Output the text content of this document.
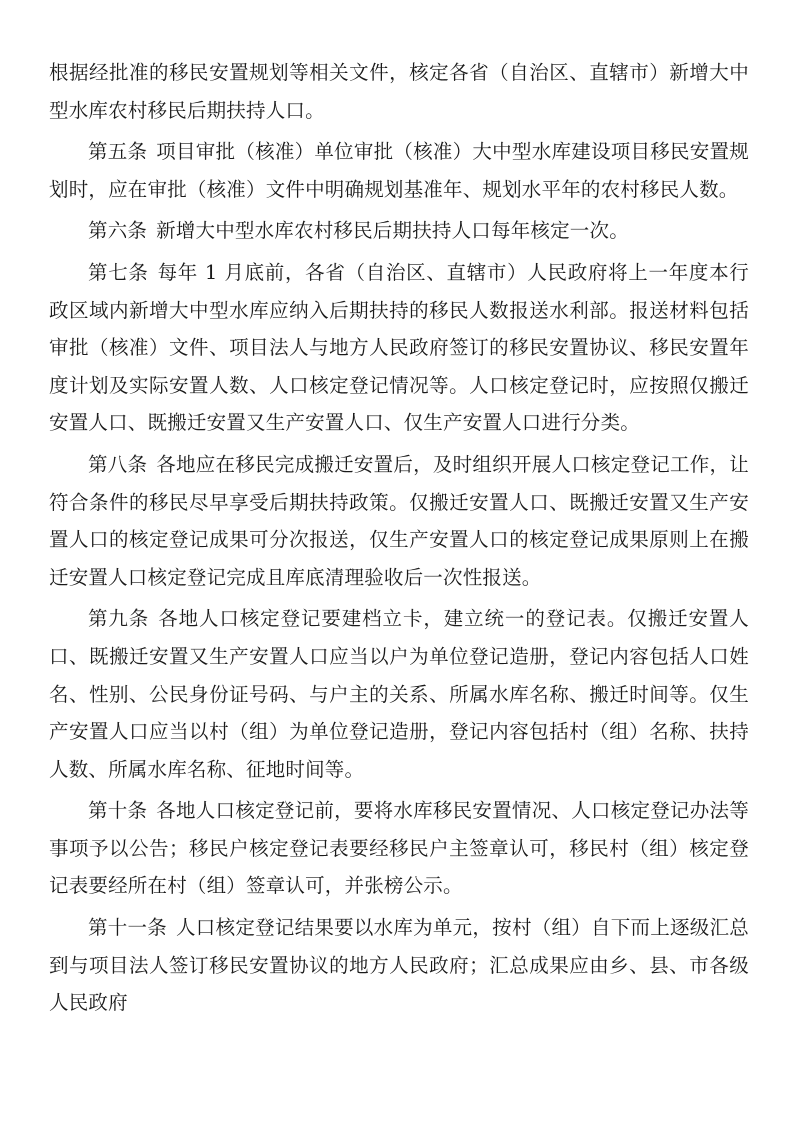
根据经批准的移民安置规划等相关文件，核定各省（自治区、直辖市）新增大中型水库农村移民后期扶持人口。

第五条 项目审批（核准）单位审批（核准）大中型水库建设项目移民安置规划时，应在审批（核准）文件中明确规划基准年、规划水平年的农村移民人数。

第六条 新增大中型水库农村移民后期扶持人口每年核定一次。

第七条 每年 1 月底前，各省（自治区、直辖市）人民政府将上一年度本行政区域内新增大中型水库应纳入后期扶持的移民人数报送水利部。报送材料包括审批（核准）文件、项目法人与地方人民政府签订的移民安置协议、移民安置年度计划及实际安置人数、人口核定登记情况等。人口核定登记时，应按照仅搬迁安置人口、既搬迁安置又生产安置人口、仅生产安置人口进行分类。

第八条 各地应在移民完成搬迁安置后，及时组织开展人口核定登记工作，让符合条件的移民尽早享受后期扶持政策。仅搬迁安置人口、既搬迁安置又生产安置人口的核定登记成果可分次报送，仅生产安置人口的核定登记成果原则上在搬迁安置人口核定登记完成且库底清理验收后一次性报送。

第九条 各地人口核定登记要建档立卡，建立统一的登记表。仅搬迁安置人口、既搬迁安置又生产安置人口应当以户为单位登记造册，登记内容包括人口姓名、性别、公民身份证号码、与户主的关系、所属水库名称、搬迁时间等。仅生产安置人口应当以村（组）为单位登记造册，登记内容包括村（组）名称、扶持人数、所属水库名称、征地时间等。

第十条 各地人口核定登记前，要将水库移民安置情况、人口核定登记办法等事项予以公告；移民户核定登记表要经移民户主签章认可，移民村（组）核定登记表要经所在村（组）签章认可，并张榜公示。

第十一条 人口核定登记结果要以水库为单元，按村（组）自下而上逐级汇总到与项目法人签订移民安置协议的地方人民政府；汇总成果应由乡、县、市各级人民政府
